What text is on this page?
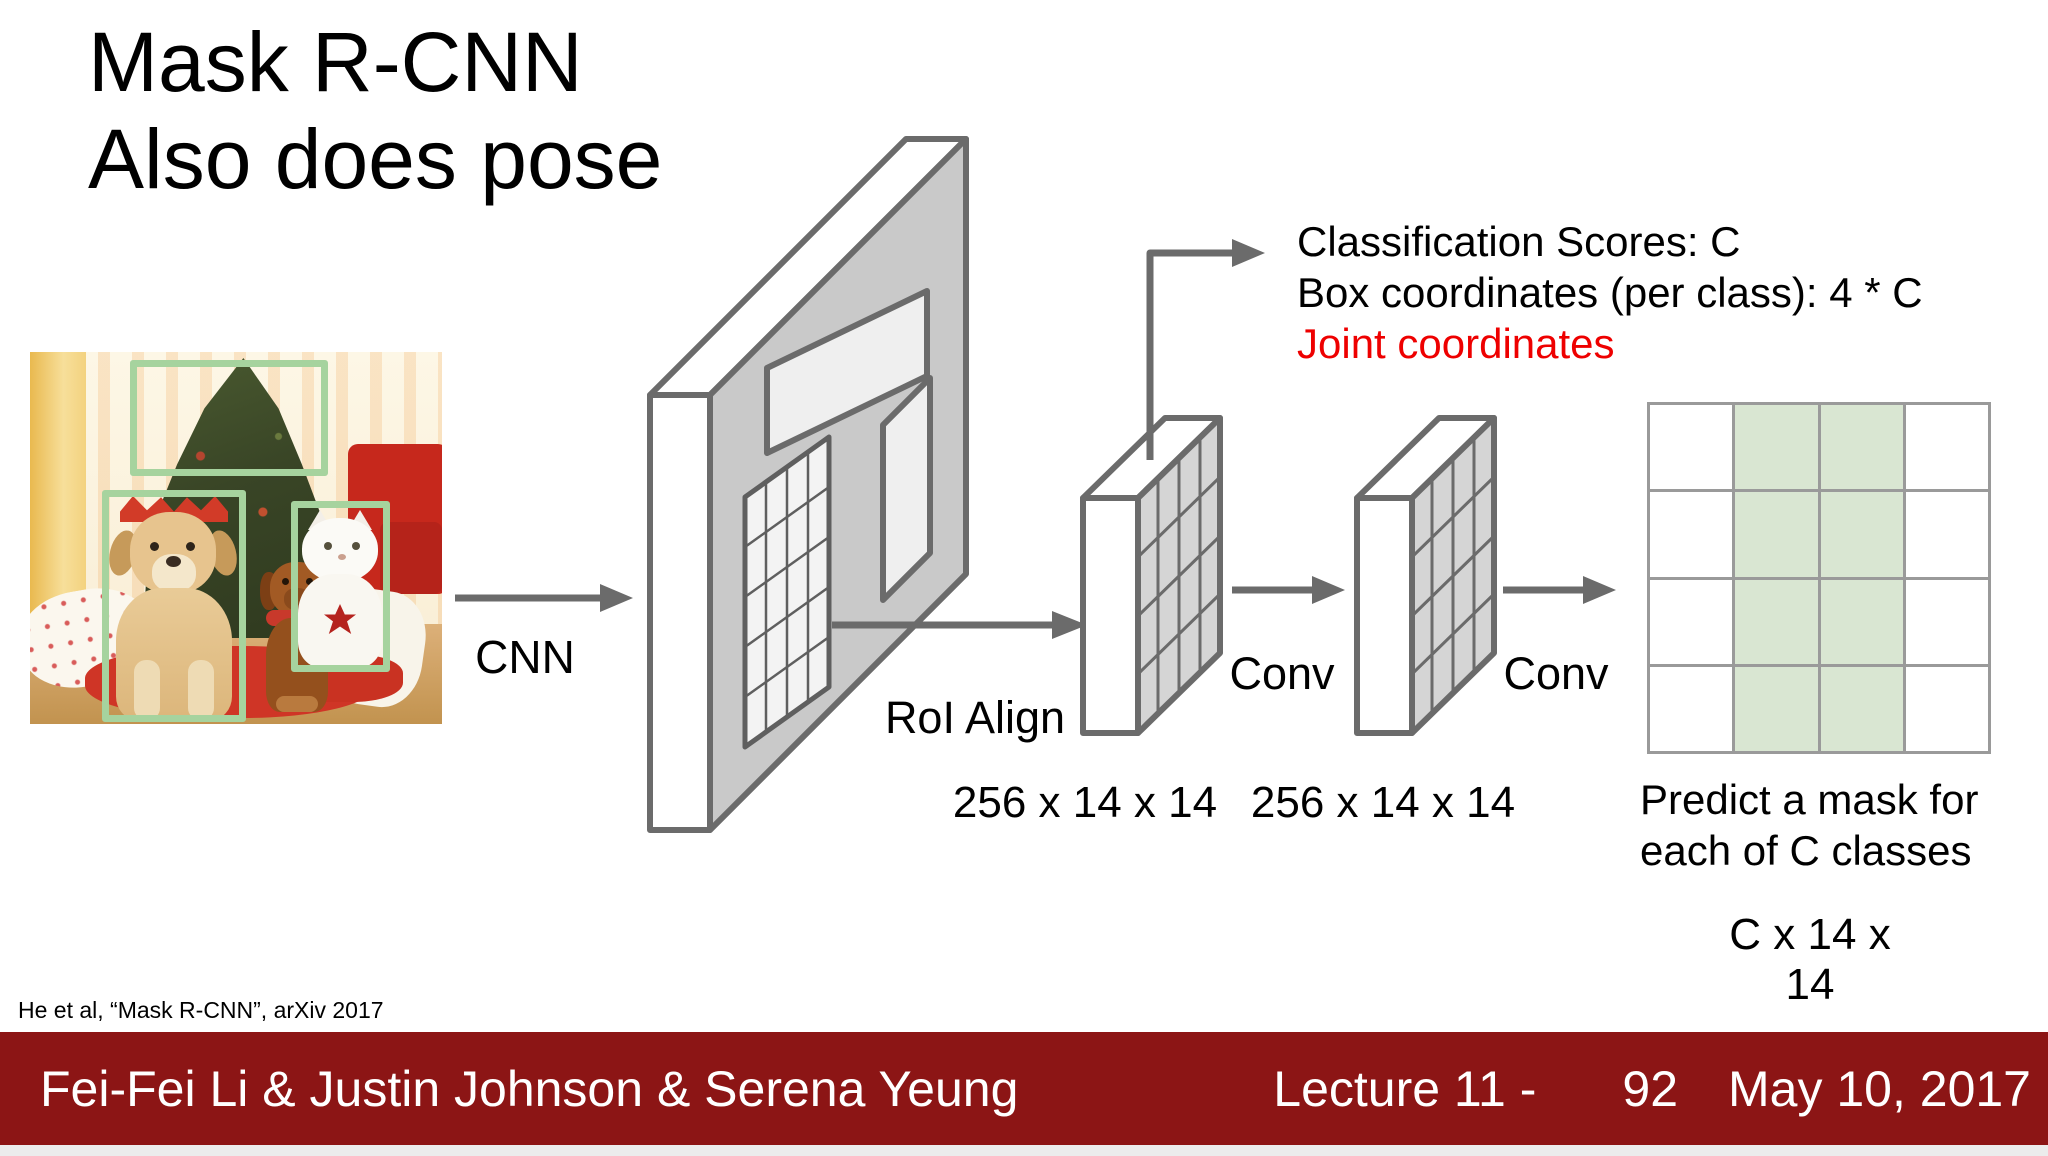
Mask R-CNN
Also does pose
CNN
RoI Align
Conv	Conv
256 x 14 x 14 256 x 14 x 14
Classification Scores: C
Box coordinates (per class): 4 * C
Joint coordinates
Predict a mask for
each of C classes
C x 14 x 14
He et al, “Mask R-CNN”, arXiv 2017
Fei-Fei Li & Justin Johnson & Serena Yeung	Lecture 11 - 92 May 10, 2017
